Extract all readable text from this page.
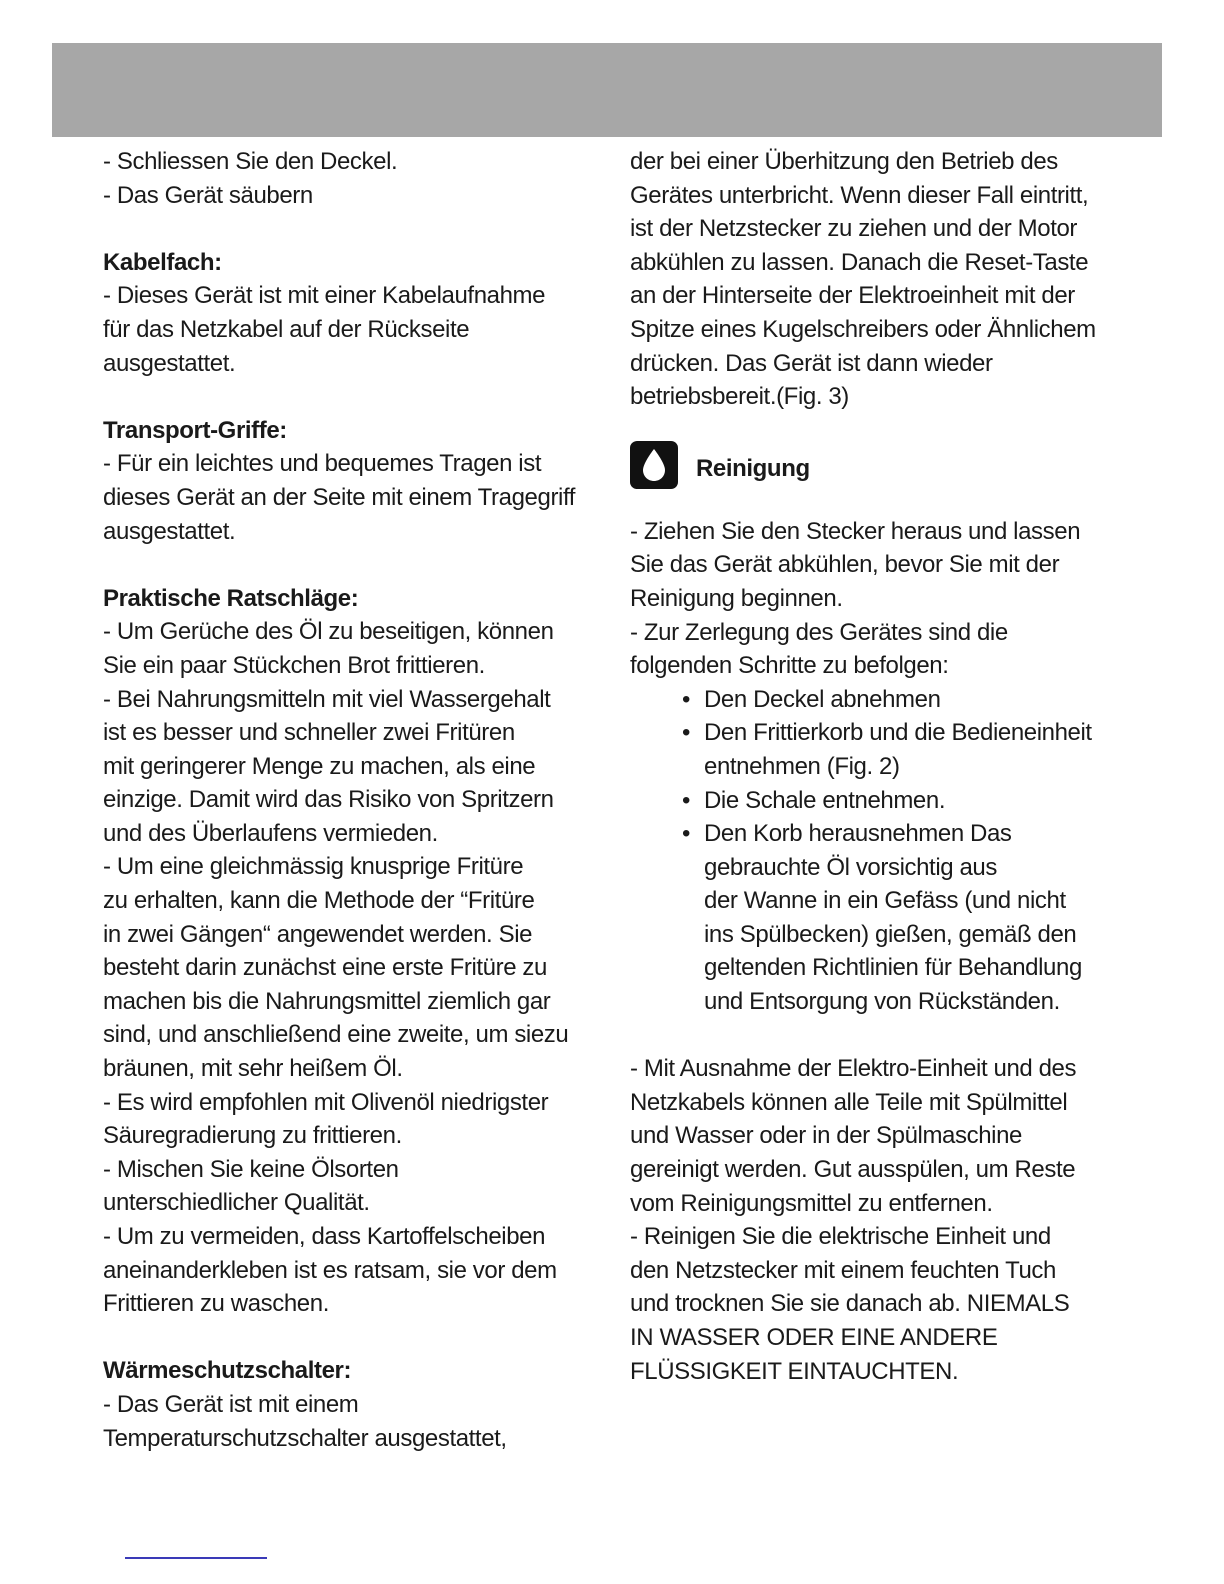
- Schliessen Sie den Deckel.
- Das Gerät säubern
Kabelfach:
- Dieses Gerät ist mit einer Kabelaufnahme
für das Netzkabel auf der Rückseite
ausgestattet.
Transport-Griffe:
- Für ein leichtes und bequemes Tragen ist
dieses Gerät an der Seite mit einem Tragegriff
ausgestattet.
Praktische Ratschläge:
- Um Gerüche des Öl zu beseitigen, können
Sie ein paar Stückchen Brot frittieren.
- Bei Nahrungsmitteln mit viel Wassergehalt
ist es besser und schneller zwei Fritüren
mit geringerer Menge zu machen, als eine
einzige. Damit wird das Risiko von Spritzern
und des Überlaufens vermieden.
- Um eine gleichmässig knusprige Fritüre
zu erhalten, kann die Methode der “Fritüre
in zwei Gängen“ angewendet werden. Sie
besteht darin zunächst eine erste Fritüre zu
machen bis die Nahrungsmittel ziemlich gar
sind, und anschließend eine zweite, um siezu
bräunen, mit sehr heißem Öl.
- Es wird empfohlen mit Olivenöl niedrigster
Säuregradierung zu frittieren.
- Mischen Sie keine Ölsorten
unterschiedlicher Qualität.
- Um zu vermeiden, dass Kartoffelscheiben
aneinanderkleben ist es ratsam, sie vor dem
Frittieren zu waschen.
Wärmeschutzschalter:
- Das Gerät ist mit einem
Temperaturschutzschalter ausgestattet,
der bei einer Überhitzung den Betrieb des
Gerätes unterbricht. Wenn dieser Fall eintritt,
ist der Netzstecker zu ziehen und der Motor
abkühlen zu lassen. Danach die Reset-Taste
an der Hinterseite der Elektroeinheit mit der
Spitze eines Kugelschreibers oder Ähnlichem
drücken. Das Gerät ist dann wieder
betriebsbereit.(Fig. 3)
Reinigung
- Ziehen Sie den Stecker heraus und lassen
Sie das Gerät abkühlen, bevor Sie mit der
Reinigung beginnen.
- Zur Zerlegung des Gerätes sind die
folgenden Schritte zu befolgen:
• Den Deckel abnehmen
• Den Frittierkorb und die Bedieneinheit
entnehmen (Fig. 2)
• Die Schale entnehmen.
• Den Korb herausnehmen Das
gebrauchte Öl vorsichtig aus
der Wanne in ein Gefäss (und nicht
ins Spülbecken) gießen, gemäß den
geltenden Richtlinien für Behandlung
und Entsorgung von Rückständen.
- Mit Ausnahme der Elektro-Einheit und des
Netzkabels können alle Teile mit Spülmittel
und Wasser oder in der Spülmaschine
gereinigt werden. Gut ausspülen, um Reste
vom Reinigungsmittel zu entfernen.
- Reinigen Sie die elektrische Einheit und
den Netzstecker mit einem feuchten Tuch
und trocknen Sie sie danach ab. NIEMALS
IN WASSER ODER EINE ANDERE
FLÜSSIGKEIT EINTAUCHTEN.
